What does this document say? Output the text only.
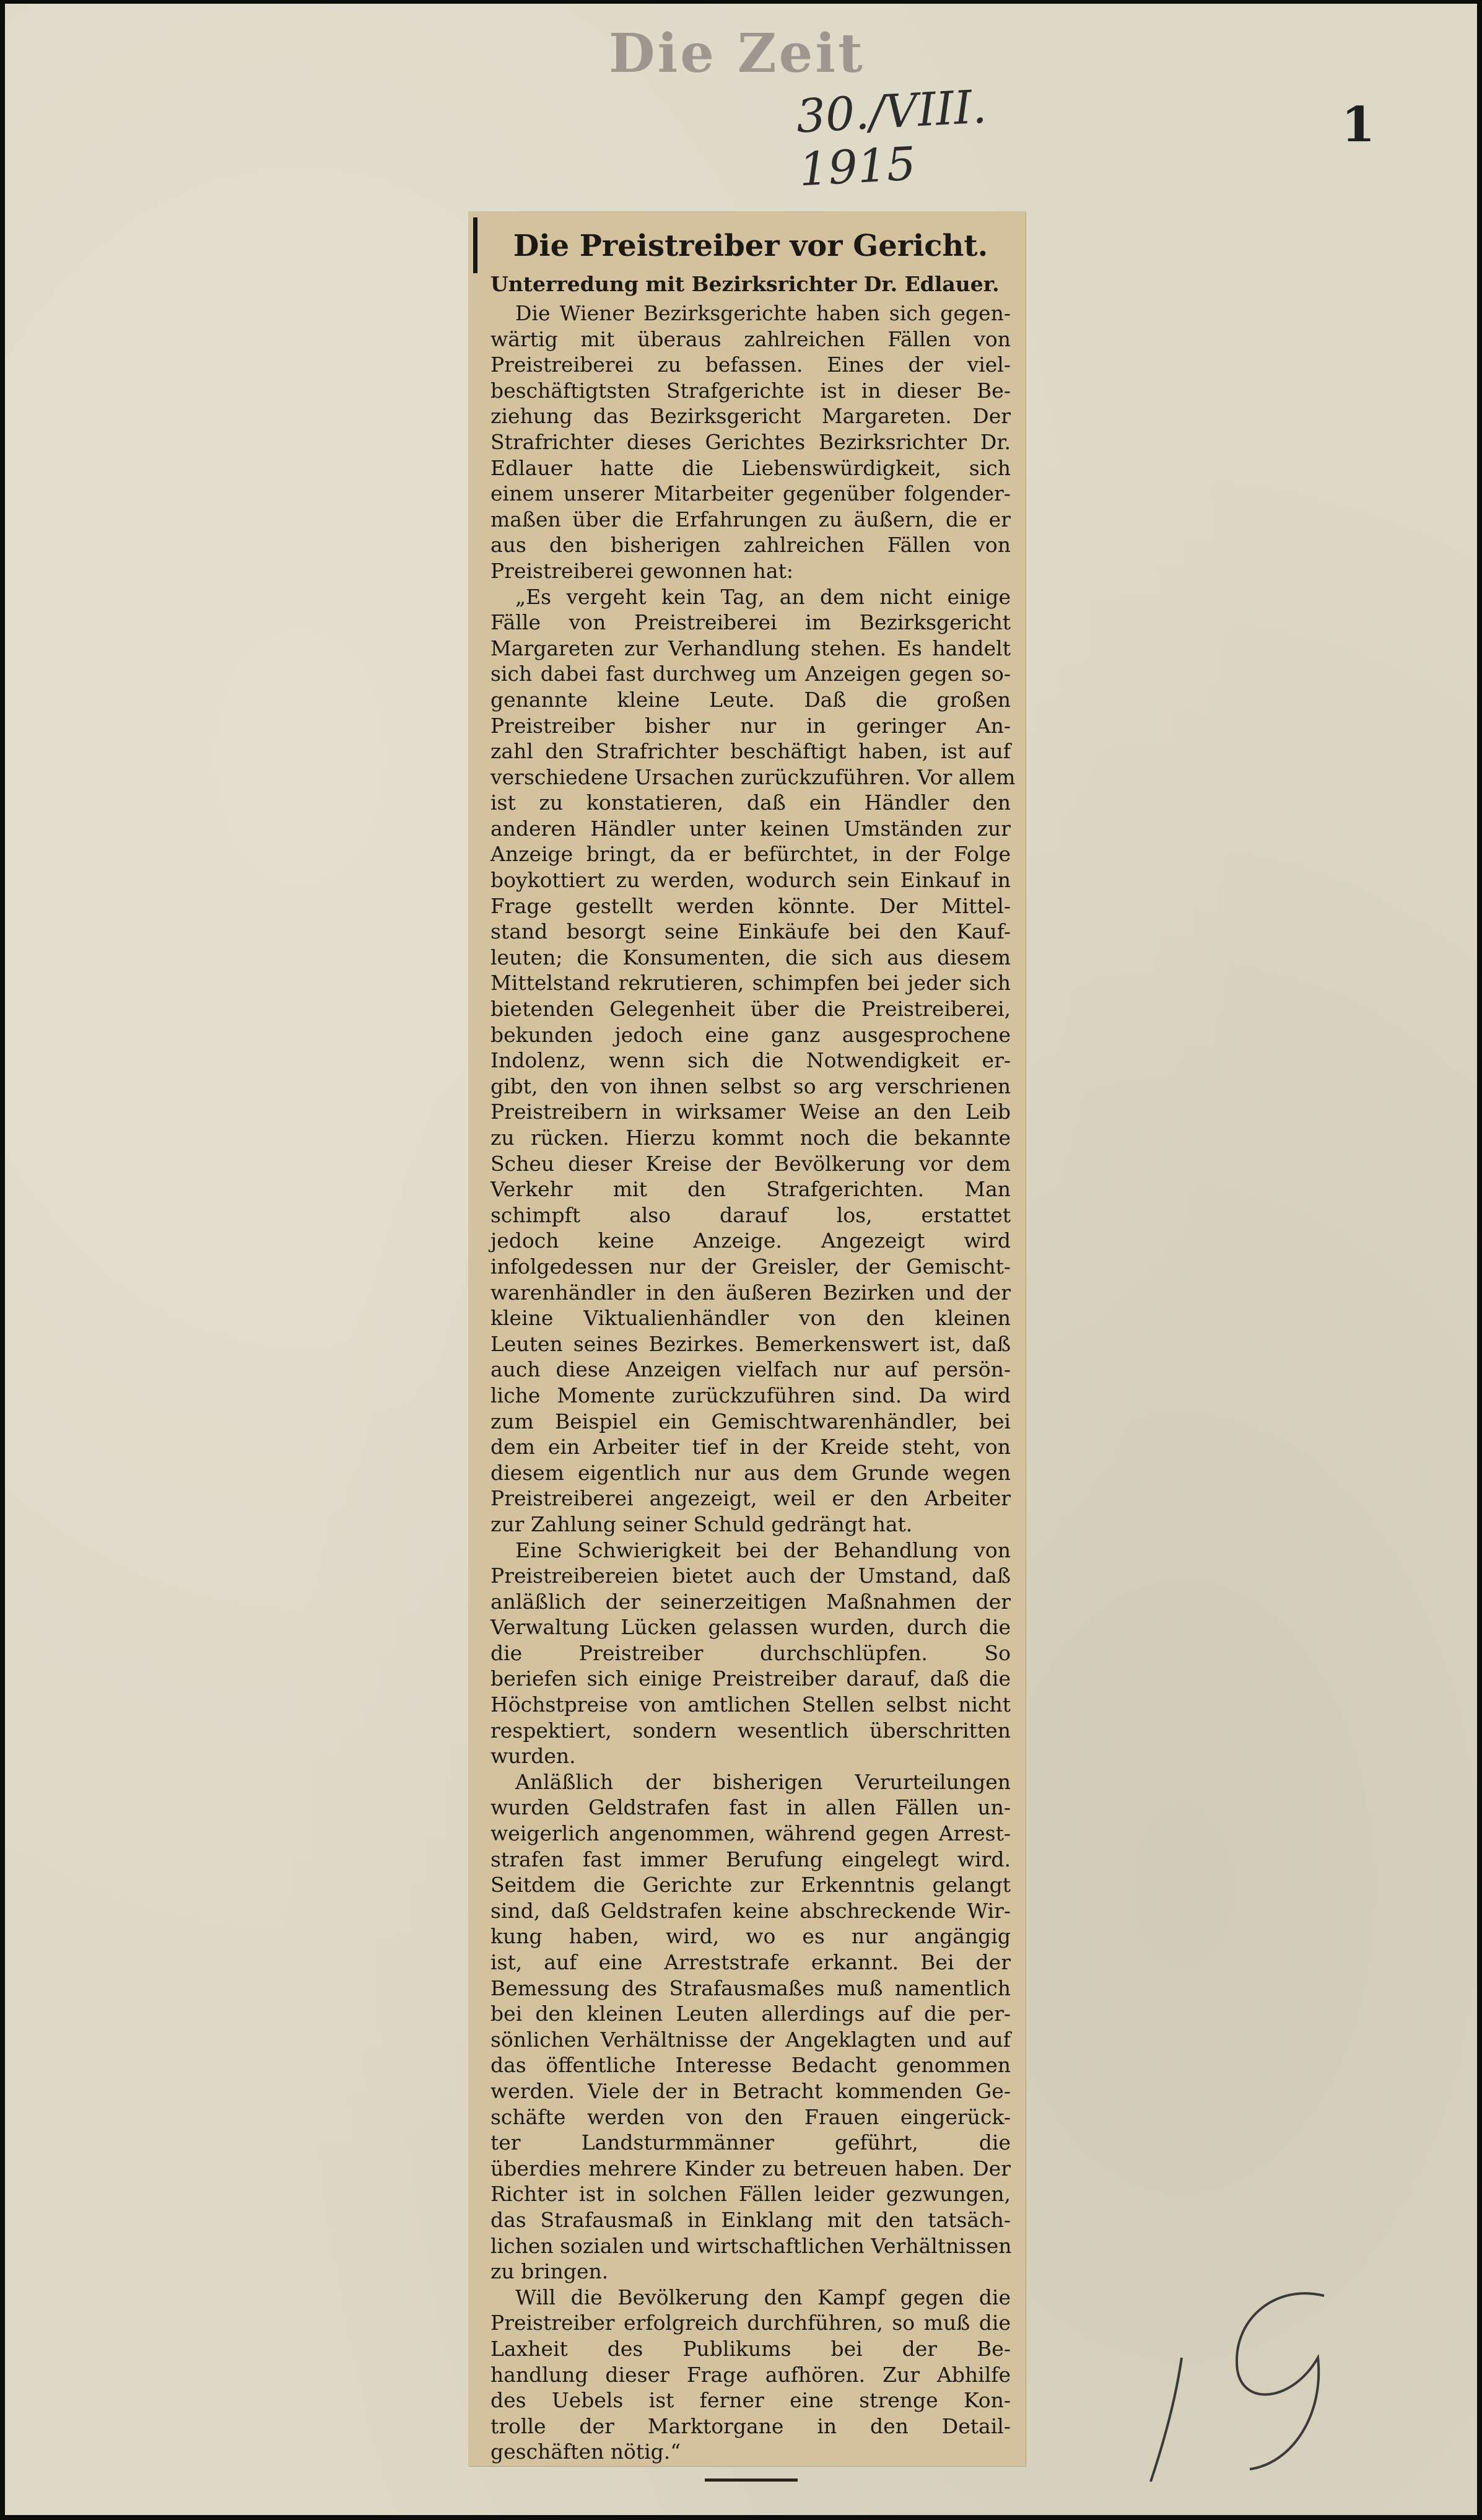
Die Zeit
30./VIII. 1915
1
Die Preistreiber vor Gericht.
Unterredung mit Bezirksrichter Dr. Edlauer.
Die Wiener Bezirksgerichte haben sich gegen-
wärtig mit überaus zahlreichen Fällen von
Preistreiberei zu befassen. Eines der viel-
beschäftigtsten Strafgerichte ist in dieser Be-
ziehung das Bezirksgericht Margareten. Der
Strafrichter dieses Gerichtes Bezirksrichter Dr.
Edlauer hatte die Liebenswürdigkeit, sich
einem unserer Mitarbeiter gegenüber folgender-
maßen über die Erfahrungen zu äußern, die er
aus den bisherigen zahlreichen Fällen von
Preistreiberei gewonnen hat:
„Es vergeht kein Tag, an dem nicht einige
Fälle von Preistreiberei im Bezirksgericht
Margareten zur Verhandlung stehen. Es handelt
sich dabei fast durchweg um Anzeigen gegen so-
genannte kleine Leute. Daß die großen
Preistreiber bisher nur in geringer An-
zahl den Strafrichter beschäftigt haben, ist auf
verschiedene Ursachen zurückzuführen. Vor allem
ist zu konstatieren, daß ein Händler den
anderen Händler unter keinen Umständen zur
Anzeige bringt, da er befürchtet, in der Folge
boykottiert zu werden, wodurch sein Einkauf in
Frage gestellt werden könnte. Der Mittel-
stand besorgt seine Einkäufe bei den Kauf-
leuten; die Konsumenten, die sich aus diesem
Mittelstand rekrutieren, schimpfen bei jeder sich
bietenden Gelegenheit über die Preistreiberei,
bekunden jedoch eine ganz ausgesprochene
Indolenz, wenn sich die Notwendigkeit er-
gibt, den von ihnen selbst so arg verschrienen
Preistreibern in wirksamer Weise an den Leib
zu rücken. Hierzu kommt noch die bekannte
Scheu dieser Kreise der Bevölkerung vor dem
Verkehr mit den Strafgerichten. Man
schimpft also darauf los, erstattet
jedoch keine Anzeige. Angezeigt wird
infolgedessen nur der Greisler, der Gemischt-
warenhändler in den äußeren Bezirken und der
kleine Viktualienhändler von den kleinen
Leuten seines Bezirkes. Bemerkenswert ist, daß
auch diese Anzeigen vielfach nur auf persön-
liche Momente zurückzuführen sind. Da wird
zum Beispiel ein Gemischtwarenhändler, bei
dem ein Arbeiter tief in der Kreide steht, von
diesem eigentlich nur aus dem Grunde wegen
Preistreiberei angezeigt, weil er den Arbeiter
zur Zahlung seiner Schuld gedrängt hat.
Eine Schwierigkeit bei der Behandlung von
Preistreibereien bietet auch der Umstand, daß
anläßlich der seinerzeitigen Maßnahmen der
Verwaltung Lücken gelassen wurden, durch die
die Preistreiber durchschlüpfen. So
beriefen sich einige Preistreiber darauf, daß die
Höchstpreise von amtlichen Stellen selbst nicht
respektiert, sondern wesentlich überschritten
wurden.
Anläßlich der bisherigen Verurteilungen
wurden Geldstrafen fast in allen Fällen un-
weigerlich angenommen, während gegen Arrest-
strafen fast immer Berufung eingelegt wird.
Seitdem die Gerichte zur Erkenntnis gelangt
sind, daß Geldstrafen keine abschreckende Wir-
kung haben, wird, wo es nur angängig
ist, auf eine Arreststrafe erkannt. Bei der
Bemessung des Strafausmaßes muß namentlich
bei den kleinen Leuten allerdings auf die per-
sönlichen Verhältnisse der Angeklagten und auf
das öffentliche Interesse Bedacht genommen
werden. Viele der in Betracht kommenden Ge-
schäfte werden von den Frauen eingerück-
ter Landsturmmänner geführt, die
überdies mehrere Kinder zu betreuen haben. Der
Richter ist in solchen Fällen leider gezwungen,
das Strafausmaß in Einklang mit den tatsäch-
lichen sozialen und wirtschaftlichen Verhältnissen
zu bringen.
Will die Bevölkerung den Kampf gegen die
Preistreiber erfolgreich durchführen, so muß die
Laxheit des Publikums bei der Be-
handlung dieser Frage aufhören. Zur Abhilfe
des Uebels ist ferner eine strenge Kon-
trolle der Marktorgane in den Detail-
geschäften nötig.“
